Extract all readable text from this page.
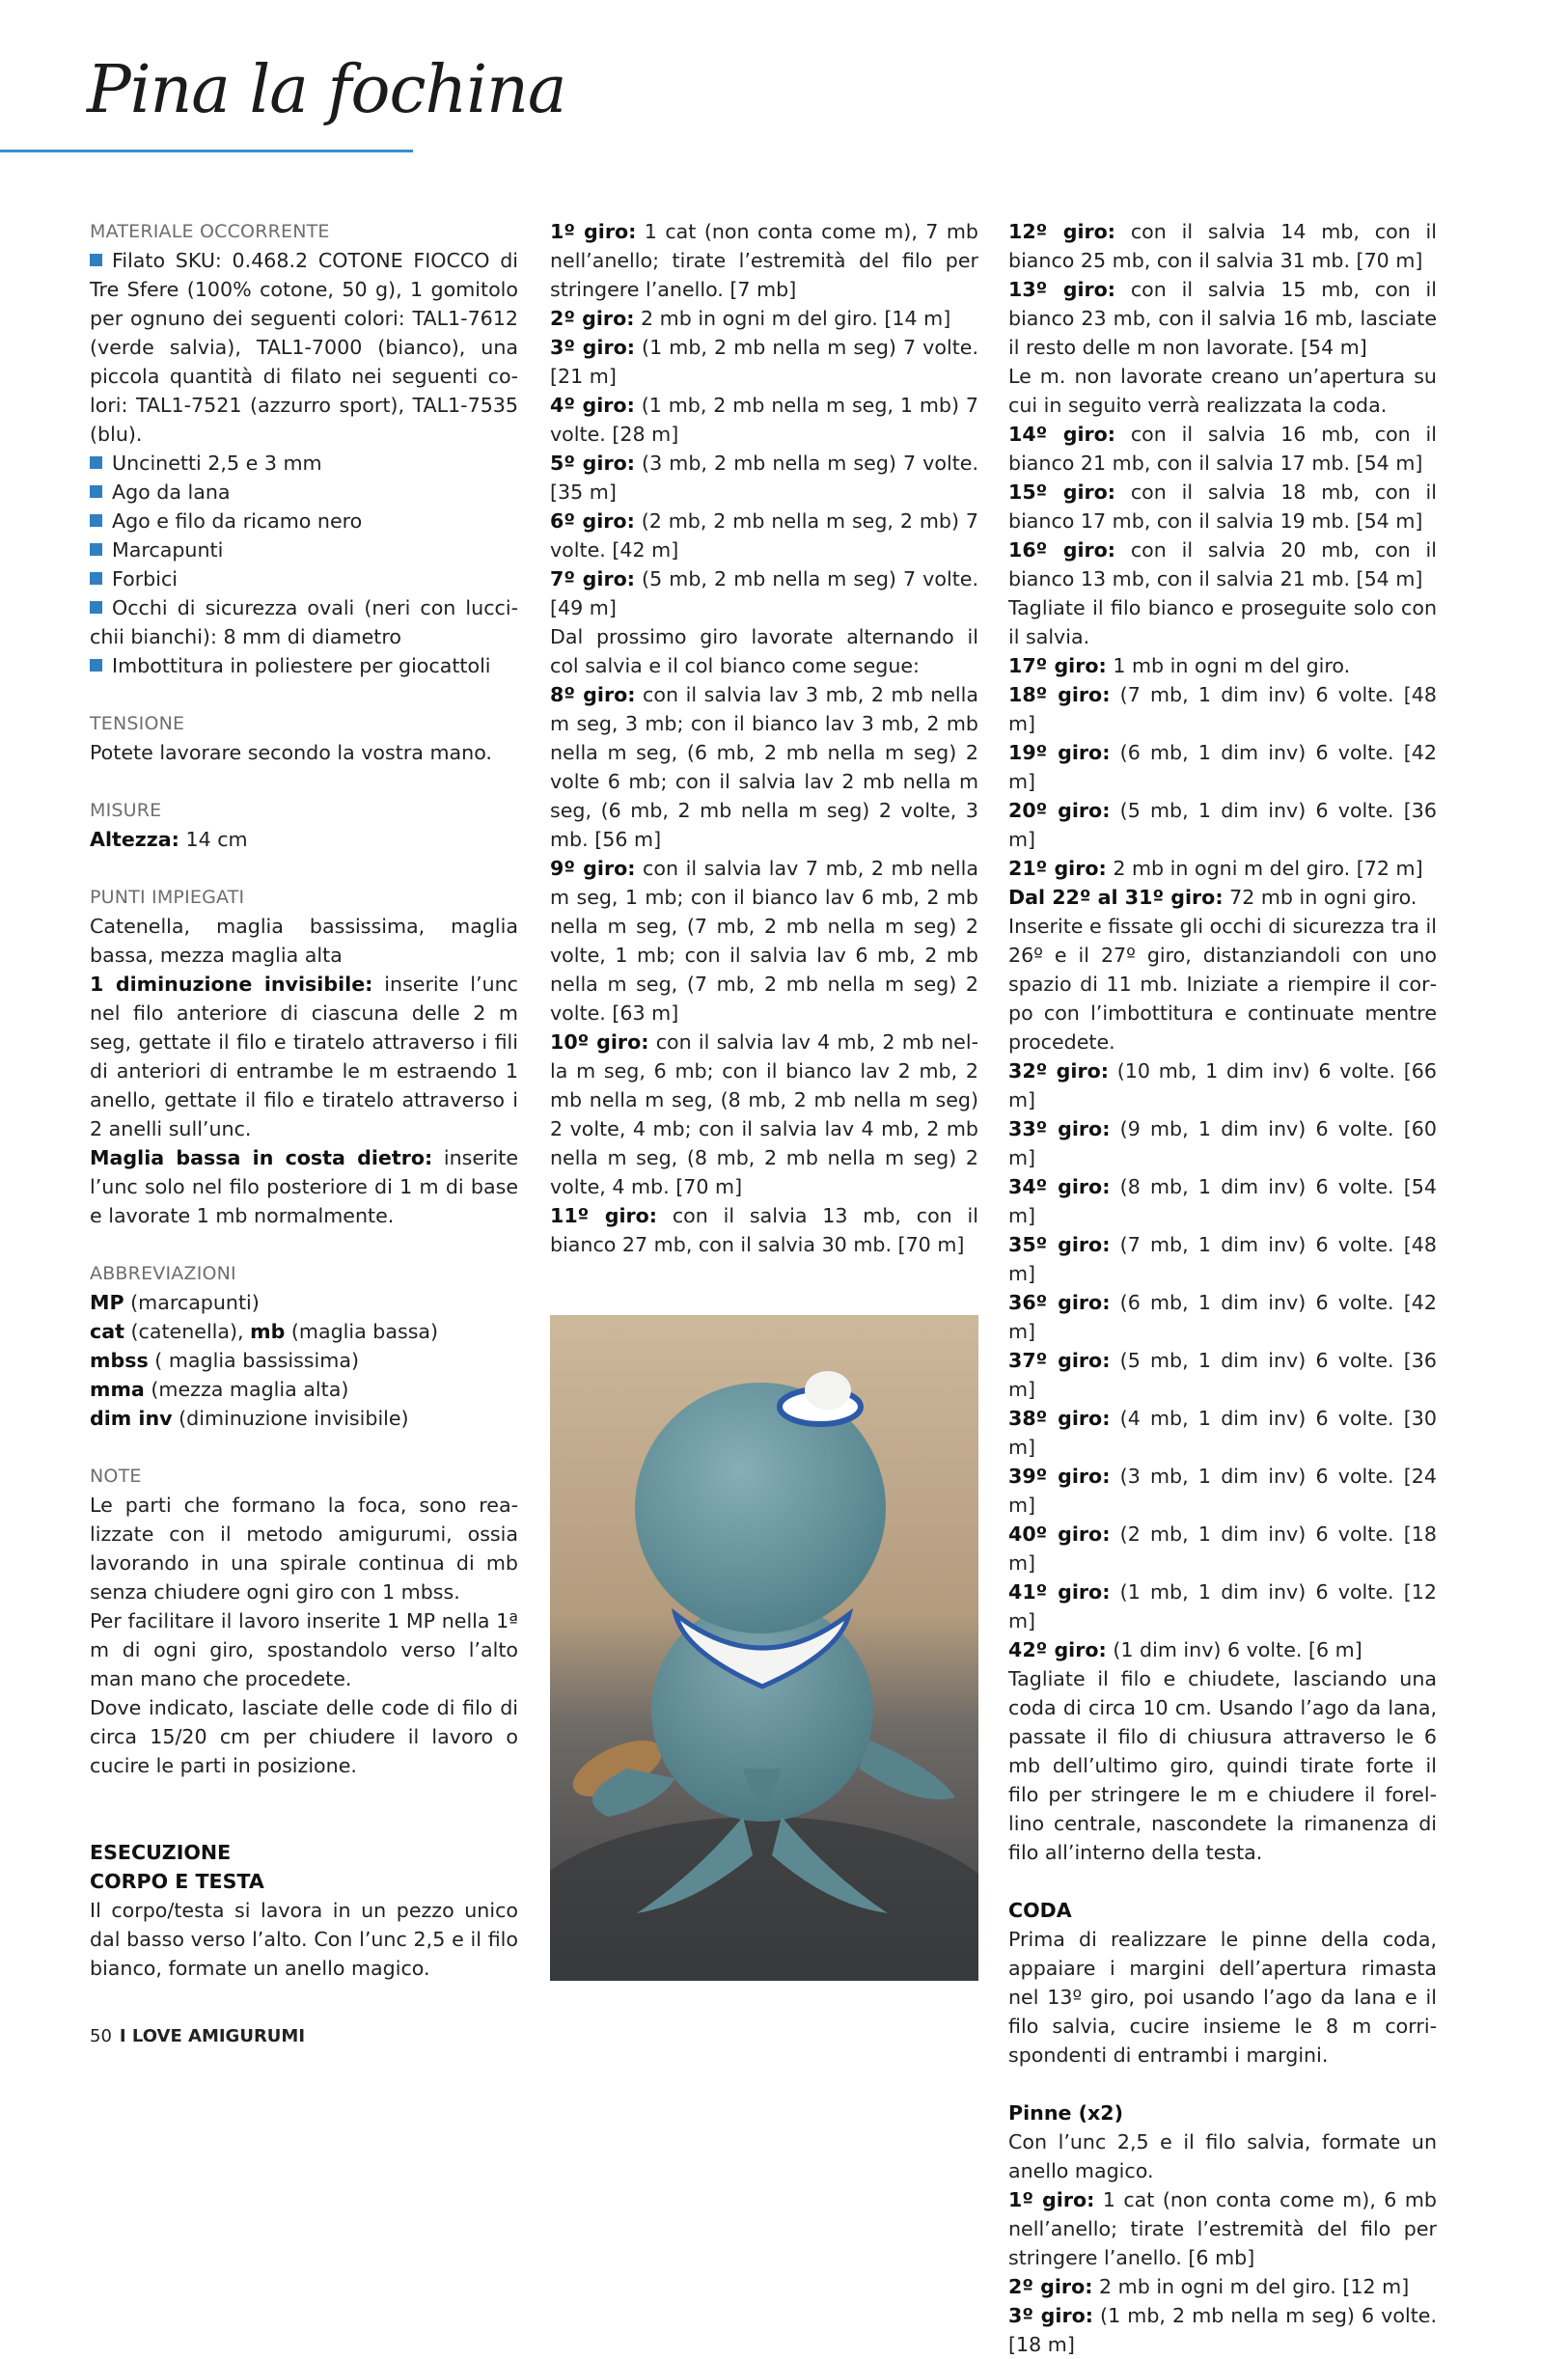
Pina la fochina

MATERIALE OCCORRENTE

Filato SKU: 0.468.2 COTONE FIOCCO di Tre Sfere (100% cotone, 50 g), 1 gomitolo per ognuno dei seguenti colori: TAL1-7612 (verde salvia), TAL1-7000 (bianco), una piccola quantità di filato nei seguenti colori: TAL1-7521 (azzurro sport), TAL1-7535 (blu).

Uncinetti 2,5 e 3 mm

Ago da lana

Ago e filo da ricamo nero

Marcapunti

Forbici

Occhi di sicurezza ovali (neri con luccichii bianchi): 8 mm di diametro

Imbottitura in poliestere per giocattoli

TENSIONE

Potete lavorare secondo la vostra mano.

MISURE

Altezza: 14 cm

PUNTI IMPIEGATI

Catenella, maglia bassissima, maglia bassa, mezza maglia alta

1 diminuzione invisibile: inserite l’unc nel filo anteriore di ciascuna delle 2 m seg, gettate il filo e tiratelo attraverso i fili di anteriori di entrambe le m estraendo 1 anello, gettate il filo e tiratelo attraverso i 2 anelli sull’unc.

Maglia bassa in costa dietro: inserite l’unc solo nel filo posteriore di 1 m di base e lavorate 1 mb normalmente.

ABBREVIAZIONI

MP (marcapunti)

cat (catenella), mb (maglia bassa)

mbss ( maglia bassissima)

mma (mezza maglia alta)

dim inv (diminuzione invisibile)

NOTE

Le parti che formano la foca, sono realizzate con il metodo amigurumi, ossia lavorando in una spirale continua di mb senza chiudere ogni giro con 1 mbss.

Per facilitare il lavoro inserite 1 MP nella 1ª m di ogni giro, spostandolo verso l’alto man mano che procedete.

Dove indicato, lasciate delle code di filo di circa 15/20 cm per chiudere il lavoro o cucire le parti in posizione.

ESECUZIONE

CORPO E TESTA

Il corpo/testa si lavora in un pezzo unico dal basso verso l’alto. Con l’unc 2,5 e il filo bianco, formate un anello magico.

1º giro: 1 cat (non conta come m), 7 mb nell’anello; tirate l’estremità del filo per stringere l’anello. [7 mb]

2º giro: 2 mb in ogni m del giro. [14 m]

3º giro: (1 mb, 2 mb nella m seg) 7 volte. [21 m]

4º giro: (1 mb, 2 mb nella m seg, 1 mb) 7 volte. [28 m]

5º giro: (3 mb, 2 mb nella m seg) 7 volte. [35 m]

6º giro: (2 mb, 2 mb nella m seg, 2 mb) 7 volte. [42 m]

7º giro: (5 mb, 2 mb nella m seg) 7 volte. [49 m]

Dal prossimo giro lavorate alternando il col salvia e il col bianco come segue:

8º giro: con il salvia lav 3 mb, 2 mb nella m seg, 3 mb; con il bianco lav 3 mb, 2 mb nella m seg, (6 mb, 2 mb nella m seg) 2 volte 6 mb; con il salvia lav 2 mb nella m seg, (6 mb, 2 mb nella m seg) 2 volte, 3 mb. [56 m]

9º giro: con il salvia lav 7 mb, 2 mb nella m seg, 1 mb; con il bianco lav 6 mb, 2 mb nella m seg, (7 mb, 2 mb nella m seg) 2 volte, 1 mb; con il salvia lav 6 mb, 2 mb nella m seg, (7 mb, 2 mb nella m seg) 2 volte. [63 m]

10º giro: con il salvia lav 4 mb, 2 mb nella m seg, 6 mb; con il bianco lav 2 mb, 2 mb nella m seg, (8 mb, 2 mb nella m seg) 2 volte, 4 mb; con il salvia lav 4 mb, 2 mb nella m seg, (8 mb, 2 mb nella m seg) 2 volte, 4 mb. [70 m]

11º giro: con il salvia 13 mb, con il bianco 27 mb, con il salvia 30 mb. [70 m]

12º giro: con il salvia 14 mb, con il bianco 25 mb, con il salvia 31 mb. [70 m]

13º giro: con il salvia 15 mb, con il bianco 23 mb, con il salvia 16 mb, lasciate il resto delle m non lavorate. [54 m]

Le m. non lavorate creano un’apertura su cui in seguito verrà realizzata la coda.

14º giro: con il salvia 16 mb, con il bianco 21 mb, con il salvia 17 mb. [54 m]

15º giro: con il salvia 18 mb, con il bianco 17 mb, con il salvia 19 mb. [54 m]

16º giro: con il salvia 20 mb, con il bianco 13 mb, con il salvia 21 mb. [54 m]

Tagliate il filo bianco e proseguite solo con il salvia.

17º giro: 1 mb in ogni m del giro.

18º giro: (7 mb, 1 dim inv) 6 volte. [48 m]

19º giro: (6 mb, 1 dim inv) 6 volte. [42 m]

20º giro: (5 mb, 1 dim inv) 6 volte. [36 m]

21º giro: 2 mb in ogni m del giro. [72 m]

Dal 22º al 31º giro: 72 mb in ogni giro.

Inserite e fissate gli occhi di sicurezza tra il 26º e il 27º giro, distanziandoli con uno spazio di 11 mb. Iniziate a riempire il corpo con l’imbottitura e continuate mentre procedete.

32º giro: (10 mb, 1 dim inv) 6 volte. [66 m]

33º giro: (9 mb, 1 dim inv) 6 volte. [60 m]

34º giro: (8 mb, 1 dim inv) 6 volte. [54 m]

35º giro: (7 mb, 1 dim inv) 6 volte. [48 m]

36º giro: (6 mb, 1 dim inv) 6 volte. [42 m]

37º giro: (5 mb, 1 dim inv) 6 volte. [36 m]

38º giro: (4 mb, 1 dim inv) 6 volte. [30 m]

39º giro: (3 mb, 1 dim inv) 6 volte. [24 m]

40º giro: (2 mb, 1 dim inv) 6 volte. [18 m]

41º giro: (1 mb, 1 dim inv) 6 volte. [12 m]

42º giro: (1 dim inv) 6 volte. [6 m]

Tagliate il filo e chiudete, lasciando una coda di circa 10 cm. Usando l’ago da lana, passate il filo di chiusura attraverso le 6 mb dell’ultimo giro, quindi tirate forte il filo per stringere le m e chiudere il forellino centrale, nascondete la rimanenza di filo all’interno della testa.

CODA

Prima di realizzare le pinne della coda, appaiare i margini dell’apertura rimasta nel 13º giro, poi usando l’ago da lana e il filo salvia, cucire insieme le 8 m corrispondenti di entrambi i margini.

Pinne (x2)

Con l’unc 2,5 e il filo salvia, formate un anello magico.

1º giro: 1 cat (non conta come m), 6 mb nell’anello; tirate l’estremità del filo per stringere l’anello. [6 mb]

2º giro: 2 mb in ogni m del giro. [12 m]

3º giro: (1 mb, 2 mb nella m seg) 6 volte. [18 m]

50 I LOVE AMIGURUMI
